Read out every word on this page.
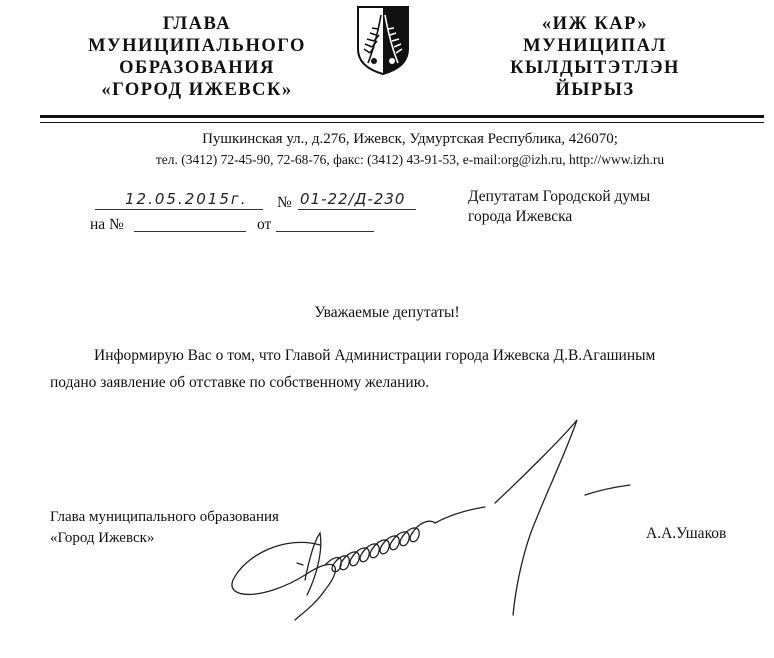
ГЛАВА
МУНИЦИПАЛЬНОГО
ОБРАЗОВАНИЯ
«ГОРОД ИЖЕВСК»
«ИЖ КАР»
МУНИЦИПАЛ
КЫЛДЫТЭТЛЭН
ЙЫРЫЗ
Пушкинская ул., д.276, Ижевск, Удмуртская Республика, 426070;
тел. (3412) 72-45-90, 72-68-76, факс: (3412) 43-91-53, e-mail:org@izh.ru, http://www.izh.ru
12.05.2015г. № 01-22/Д-230
на №	от
Депутатам Городской думы
города Ижевска
Уважаемые депутаты!
Информирую Вас о том, что Главой Администрации города Ижевска Д.В.Агашиным
подано заявление об отставке по собственному желанию.
Глава муниципального образования
«Город Ижевск»	А.А.Ушаков
